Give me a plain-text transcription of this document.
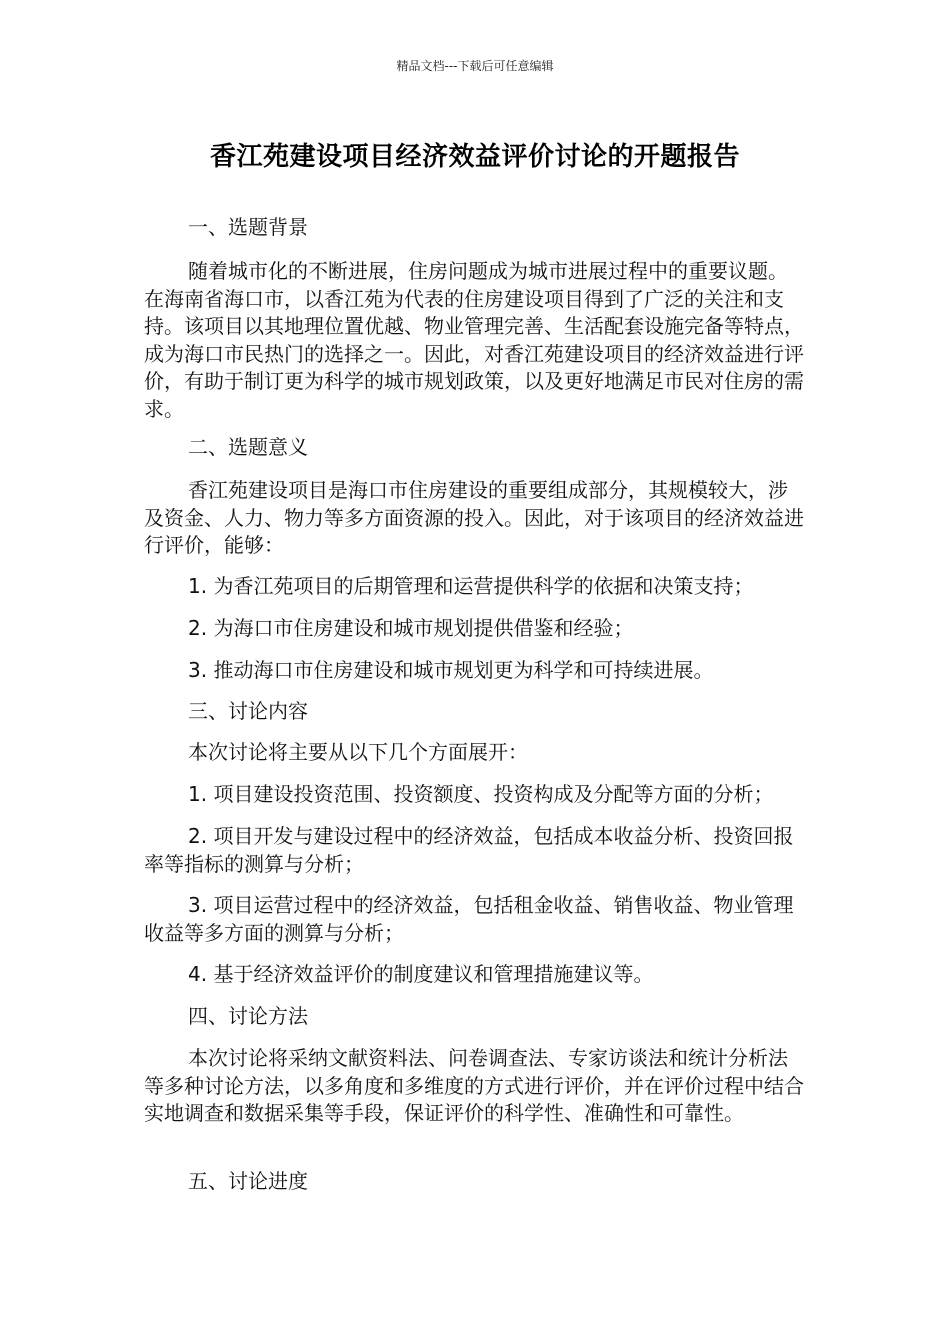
精品文档---下载后可任意编辑
香江苑建设项目经济效益评价讨论的开题报告

一、选题背景

随着城市化的不断进展，住房问题成为城市进展过程中的重要议题。在海南省海口市，以香江苑为代表的住房建设项目得到了广泛的关注和支持。该项目以其地理位置优越、物业管理完善、生活配套设施完备等特点，成为海口市民热门的选择之一。因此，对香江苑建设项目的经济效益进行评价，有助于制订更为科学的城市规划政策，以及更好地满足市民对住房的需求。

二、选题意义

香江苑建设项目是海口市住房建设的重要组成部分，其规模较大，涉及资金、人力、物力等多方面资源的投入。因此，对于该项目的经济效益进行评价，能够：

1. 为香江苑项目的后期管理和运营提供科学的依据和决策支持；

2. 为海口市住房建设和城市规划提供借鉴和经验；

3. 推动海口市住房建设和城市规划更为科学和可持续进展。

三、讨论内容

本次讨论将主要从以下几个方面展开：

1. 项目建设投资范围、投资额度、投资构成及分配等方面的分析；

2. 项目开发与建设过程中的经济效益，包括成本收益分析、投资回报率等指标的测算与分析；

3. 项目运营过程中的经济效益，包括租金收益、销售收益、物业管理收益等多方面的测算与分析；

4. 基于经济效益评价的制度建议和管理措施建议等。

四、讨论方法

本次讨论将采纳文献资料法、问卷调查法、专家访谈法和统计分析法等多种讨论方法，以多角度和多维度的方式进行评价，并在评价过程中结合实地调查和数据采集等手段，保证评价的科学性、准确性和可靠性。

五、讨论进度
